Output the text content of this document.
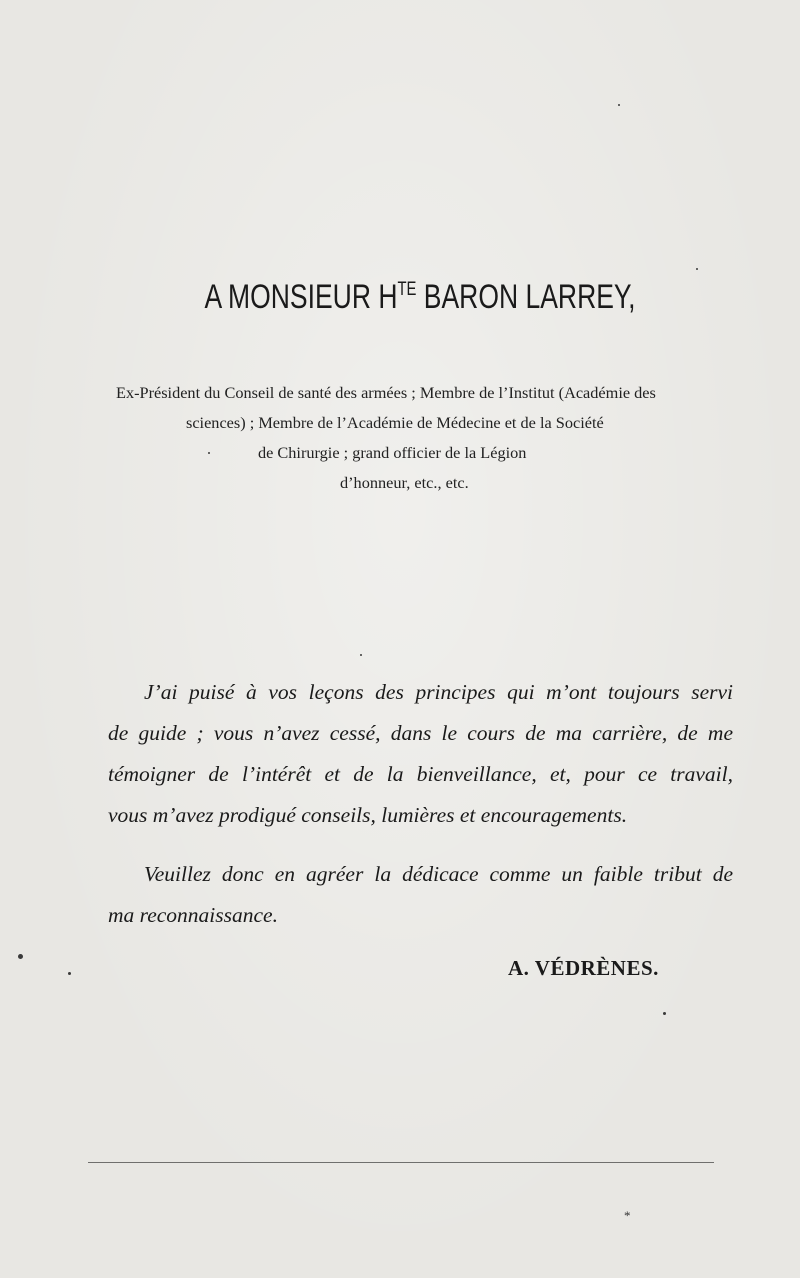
A MONSIEUR $H^{TE}$ BARON LARREY,
Ex-Président du Conseil de santé des armées ; Membre de l’Institut (Académie des
sciences) ; Membre de l’Académie de Médecine et de la Société
de Chirurgie ; grand officier de la Légion
d’honneur, etc., etc.
J’ai puisé à vos leçons des principes qui m’ont toujours servi
de guide ; vous n’avez cessé, dans le cours de ma carrière, de me
témoigner de l’intérêt et de la bienveillance, et, pour ce travail,
vous m’avez prodigué conseils, lumières et encouragements.
Veuillez donc en agréer la dédicace comme un faible tribut de
ma reconnaissance.
A. VÉDRÈNES.
*
